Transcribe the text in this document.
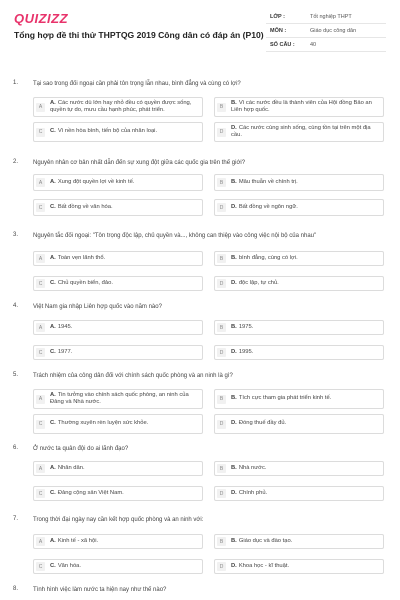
QUIZIZZ
Tổng hợp đề thi thử THPTQG 2019 Công dân có đáp án (P10)
LỚP :	Tốt nghiệp THPT
MÔN :	Giáo dục công dân
SỐ CÂU :	40
1. Tại sao trong đối ngoại cần phải tôn trọng lẫn nhau, bình đẳng và cùng có lợi?
A
A. Các nước dù lớn hay nhỏ đều có quyền được sống, quyền tự do, mưu cầu hạnh phúc, phát triển.	B
B. Vì các nước đều là thành viên của Hội đồng Bảo an Liên hợp quốc.
C	C. Vì nền hòa bình, tiến bộ của nhân loại.	D
D. Các nước cùng sinh sống, cùng tồn tại trên một địa cầu.
2. Nguyên nhân cơ bản nhất dẫn đến sự xung đột giữa các quốc gia trên thế giới?
A	A. Xung đột quyền lợi về kinh tế.	B	B. Mâu thuẫn về chính trị.
C	C. Bất đồng về văn hóa.	D	D. Bất đồng về ngôn ngữ.
3. Nguyên tắc đối ngoại: "Tôn trọng độc lập, chủ quyền và..., không can thiệp vào công việc nội bộ của nhau"
A	A. Toàn vẹn lãnh thổ.	B	B. bình đẳng, cùng có lợi.
C	C. Chủ quyền biển, đảo.	D	D. độc lập, tự chủ.
4. Việt Nam gia nhập Liên hợp quốc vào năm nào?
A	A. 1945.	B	B. 1975.
C	C. 1977.	D	D. 1995.
5. Trách nhiệm của công dân đối với chính sách quốc phòng và an ninh là gì?
A
A. Tin tưởng vào chính sách quốc phòng, an ninh của Đảng và Nhà nước.	B	B. Tích cực tham gia phát triển kinh tế.
C	C. Thường xuyên rèn luyện sức khỏe.	D	D. Đóng thuế đầy đủ.
6. Ở nước ta quân đội do ai lãnh đạo?
A	A. Nhân dân.	B	B. Nhà nước.
C	C. Đảng cộng sản Việt Nam.	D	D. Chính phủ.
7. Trong thời đại ngày nay cần kết hợp quốc phòng và an ninh với:
A	A. Kinh tế - xã hội.	B	B. Giáo dục và đào tạo.
C	C. Văn hóa.	D	D. Khoa học - kĩ thuật.
8. Tình hình việc làm nước ta hiện nay như thế nào?
